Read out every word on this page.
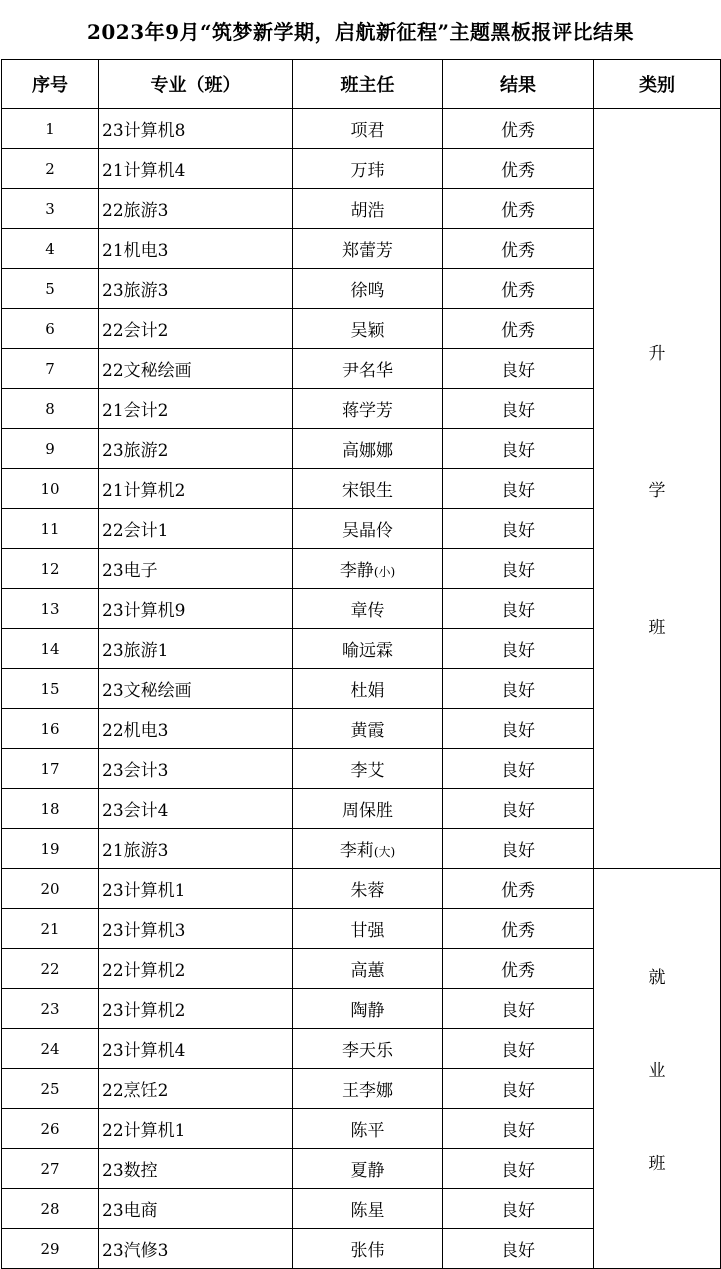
2023年9月“筑梦新学期，启航新征程”主题黑板报评比结果
序号	专业（班）	班主任	结果	类别
1	23计算机8	项君	优秀	升
学
班

2	21计算机4	万玮	优秀	
3	22旅游3	胡浩	优秀	
4	21机电3	郑蕾芳	优秀	
5	23旅游3	徐鸣	优秀	
6	22会计2	吴颖	优秀	
7	22文秘绘画	尹名华	良好	
8	21会计2	蒋学芳	良好	
9	23旅游2	高娜娜	良好	
10	21计算机2	宋银生	良好	
11	22会计1	吴晶伶	良好	
12	23电子	李静(小)	良好	
13	23计算机9	章传	良好	
14	23旅游1	喻远霖	良好	
15	23文秘绘画	杜娟	良好	
16	22机电3	黄霞	良好	
17	23会计3	李艾	良好	
18	23会计4	周保胜	良好	
19	21旅游3	李莉(大)	良好	
20	23计算机1	朱蓉	优秀	就
业
班

21	23计算机3	甘强	优秀	
22	22计算机2	高蕙	优秀	
23	23计算机2	陶静	良好	
24	23计算机4	李天乐	良好	
25	22烹饪2	王李娜	良好	
26	22计算机1	陈平	良好	
27	23数控	夏静	良好	
28	23电商	陈星	良好	
29	23汽修3	张伟	良好	
